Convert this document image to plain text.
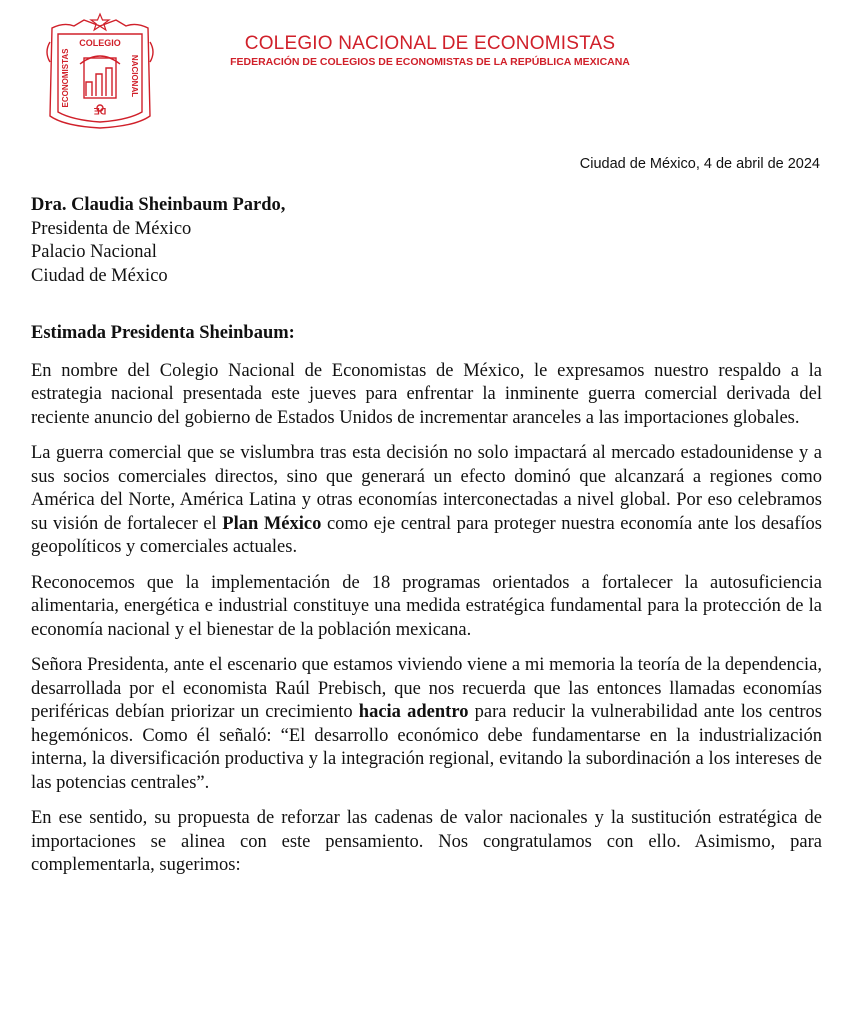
COLEGIO
ECONOMISTAS	NACIONAL
DE
COLEGIO NACIONAL DE ECONOMISTAS
FEDERACIÓN DE COLEGIOS DE ECONOMISTAS DE LA REPÚBLICA MEXICANA
Ciudad de México, 4 de abril de 2024
Dra. Claudia Sheinbaum Pardo,
Presidenta de México
Palacio Nacional
Ciudad de México
Estimada Presidenta Sheinbaum:

En nombre del Colegio Nacional de Economistas de México, le expresamos nuestro respaldo a la estrategia nacional presentada este jueves para enfrentar la inminente guerra comercial derivada del reciente anuncio del gobierno de Estados Unidos de incrementar aranceles a las importaciones globales.

La guerra comercial que se vislumbra tras esta decisión no solo impactará al mercado estadounidense y a sus socios comerciales directos, sino que generará un efecto dominó que alcanzará a regiones como América del Norte, América Latina y otras economías interconectadas a nivel global. Por eso celebramos su visión de fortalecer el Plan México como eje central para proteger nuestra economía ante los desafíos geopolíticos y comerciales actuales.

Reconocemos que la implementación de 18 programas orientados a fortalecer la autosuficiencia alimentaria, energética e industrial constituye una medida estratégica fundamental para la protección de la economía nacional y el bienestar de la población mexicana.

Señora Presidenta, ante el escenario que estamos viviendo viene a mi memoria la teoría de la dependencia, desarrollada por el economista Raúl Prebisch, que nos recuerda que las entonces llamadas economías periféricas debían priorizar un crecimiento hacia adentro para reducir la vulnerabilidad ante los centros hegemónicos. Como él señaló: “El desarrollo económico debe fundamentarse en la industrialización interna, la diversificación productiva y la integración regional, evitando la subordinación a los intereses de las potencias centrales”.

En ese sentido, su propuesta de reforzar las cadenas de valor nacionales y la sustitución estratégica de importaciones se alinea con este pensamiento. Nos congratulamos con ello. Asimismo, para complementarla, sugerimos:
